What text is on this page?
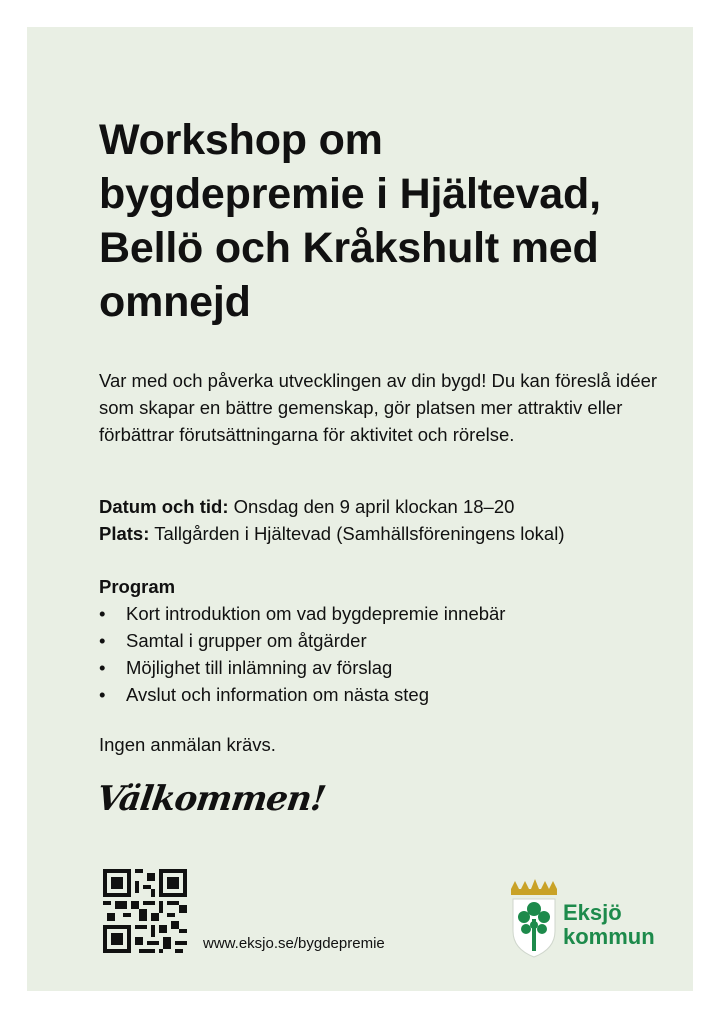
Workshop om bygdepremie i Hjältevad, Bellö och Kråkshult med omnejd

Var med och påverka utvecklingen av din bygd! Du kan föreslå idéer som skapar en bättre gemenskap, gör platsen mer attraktiv eller förbättrar förutsättningarna för aktivitet och rörelse.

Datum och tid: Onsdag den 9 april klockan 18–20
Plats: Tallgården i Hjältevad (Samhällsföreningens lokal)
Program
• Kort introduktion om vad bygdepremie innebär
• Samtal i grupper om åtgärder
• Möjlighet till inlämning av förslag
• Avslut och information om nästa steg
Ingen anmälan krävs.
Välkommen!
www.eksjo.se/bygdepremie
Eksjö
kommun
